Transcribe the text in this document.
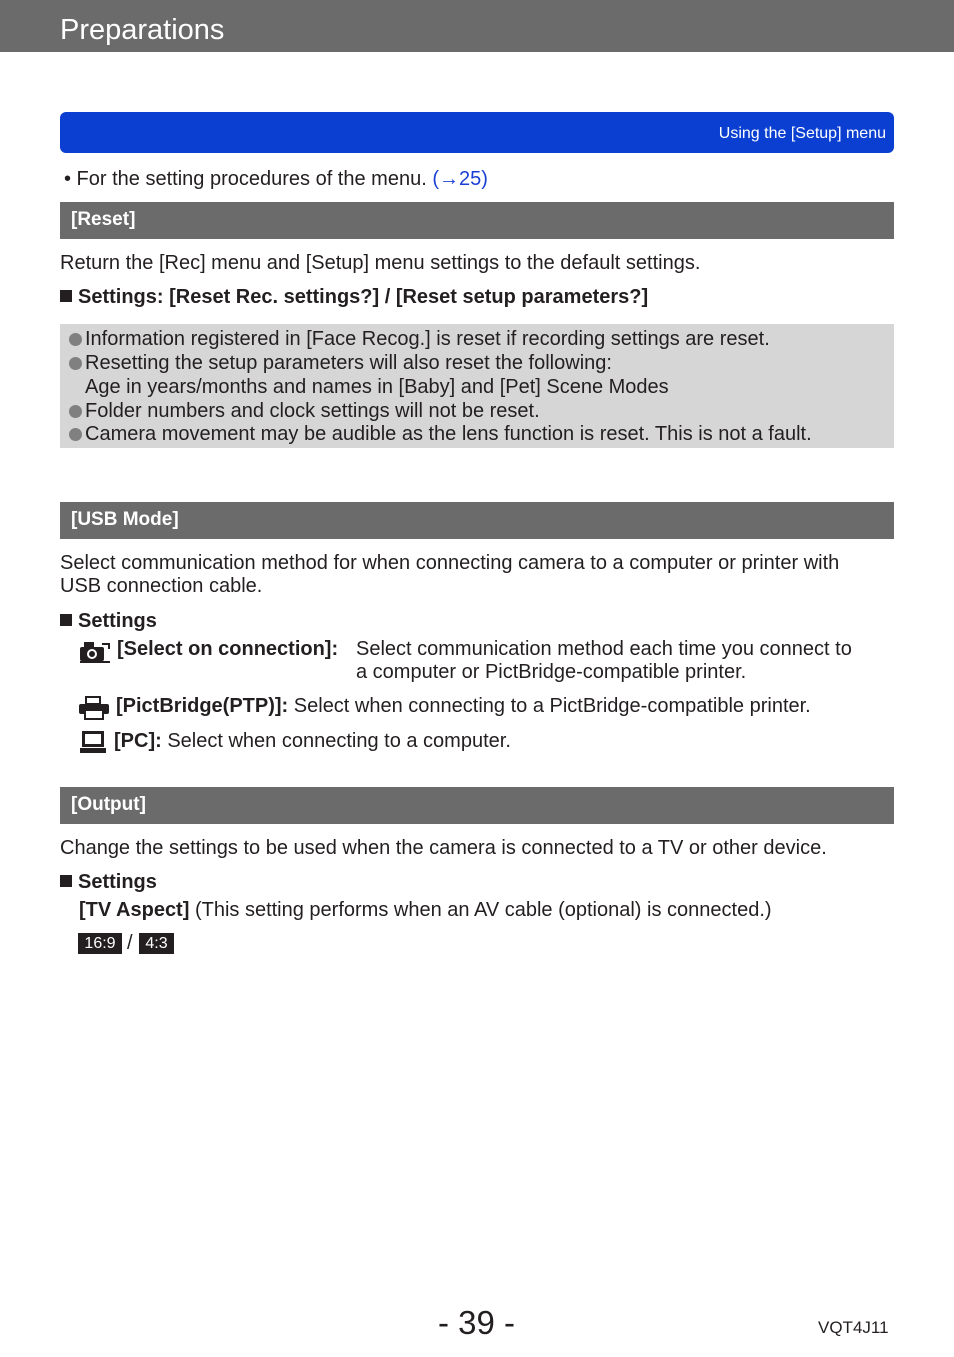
Preparations
Using the [Setup] menu
• For the setting procedures of the menu. (→25)
[Reset]
Return the [Rec] menu and [Setup] menu settings to the default settings.
Settings: [Reset Rec. settings?] / [Reset setup parameters?]
Information registered in [Face Recog.] is reset if recording settings are reset.
Resetting the setup parameters will also reset the following:
Age in years/months and names in [Baby] and [Pet] Scene Modes
Folder numbers and clock settings will not be reset.
Camera movement may be audible as the lens function is reset. This is not a fault.
[USB Mode]
Select communication method for when connecting camera to a computer or printer with
USB connection cable.
Settings
[Select on connection]: Select communication method each time you connect to
a computer or PictBridge-compatible printer.
[PictBridge(PTP)]: Select when connecting to a PictBridge-compatible printer.
[PC]: Select when connecting to a computer.
[Output]
Change the settings to be used when the camera is connected to a TV or other device.
Settings
[TV Aspect] (This setting performs when an AV cable (optional) is connected.)
16:9 / 4:3
- 39 -	VQT4J11
